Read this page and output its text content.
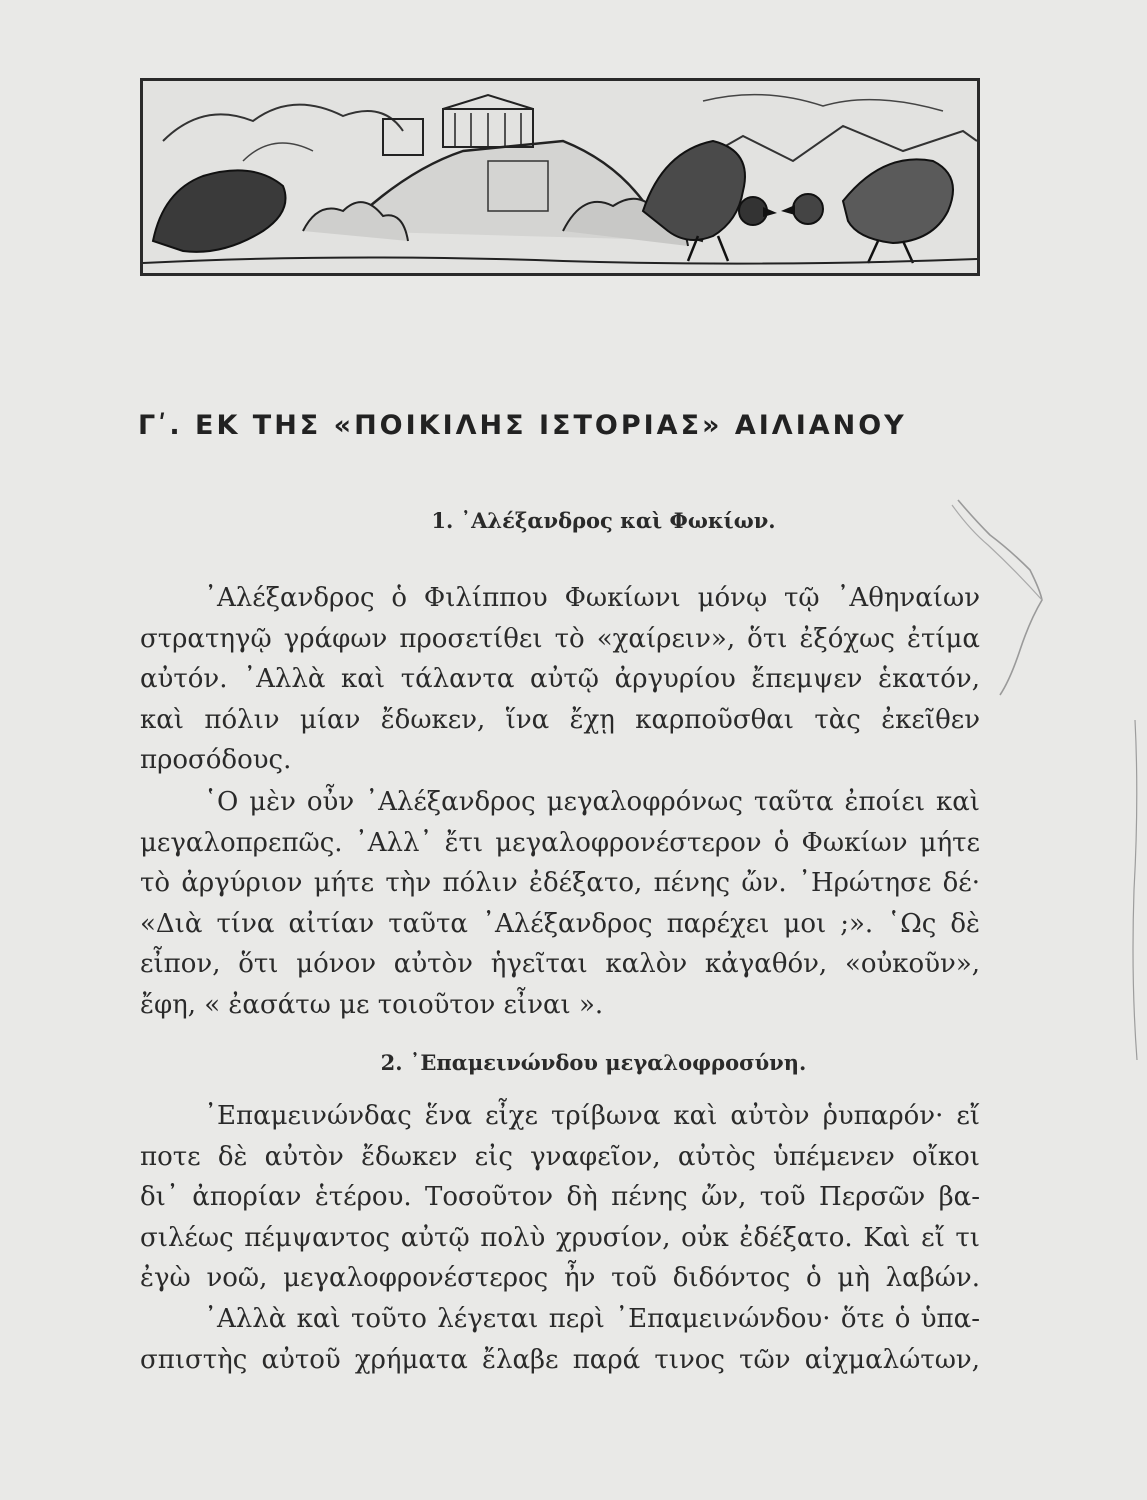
Γʹ. ΕΚ ΤΗΣ «ΠΟΙΚΙΛΗΣ ΙΣΤΟΡΙΑΣ» ΑΙΛΙΑΝΟΥ
1. ᾿Αλέξανδρος καὶ Φωκίων.
᾿Αλέξανδρος ὁ Φιλίππου Φωκίωνι μόνῳ τῷ ᾿Αθηναίων
στρατηγῷ γράφων προσετίθει τὸ «χαίρειν», ὅτι ἐξόχως ἐτίμα
αὐτόν. ᾿Αλλὰ καὶ τάλαντα αὐτῷ ἀργυρίου ἔπεμψεν ἑκατόν,
καὶ πόλιν μίαν ἔδωκεν, ἵνα ἔχῃ καρποῦσθαι τὰς ἐκεῖθεν
προσόδους.
῾Ο μὲν οὖν ᾿Αλέξανδρος μεγαλοφρόνως ταῦτα ἐποίει καὶ
μεγαλοπρεπῶς. ᾿Αλλ᾿ ἔτι μεγαλοφρονέστερον ὁ Φωκίων μήτε
τὸ ἀργύριον μήτε τὴν πόλιν ἐδέξατο, πένης ὤν. ᾿Ηρώτησε δέ·
«Διὰ τίνα αἰτίαν ταῦτα ᾿Αλέξανδρος παρέχει μοι ;». ῾Ως δὲ
εἶπον, ὅτι μόνον αὐτὸν ἡγεῖται καλὸν κἀγαθόν, «οὐκοῦν»,
ἔφη, « ἐασάτω με τοιοῦτον εἶναι ».
2. ᾿Επαμεινώνδου μεγαλοφροσύνη.
᾿Επαμεινώνδας ἕνα εἶχε τρίβωνα καὶ αὐτὸν ῥυπαρόν· εἴ
ποτε δὲ αὐτὸν ἔδωκεν εἰς γναφεῖον, αὐτὸς ὑπέμενεν οἴκοι
δι᾿ ἀπορίαν ἑτέρου. Τοσοῦτον δὴ πένης ὤν, τοῦ Περσῶν βα-
σιλέως πέμψαντος αὐτῷ πολὺ χρυσίον, οὐκ ἐδέξατο. Καὶ εἴ τι
ἐγὼ νοῶ, μεγαλοφρονέστερος ἦν τοῦ διδόντος ὁ μὴ λαβών.
᾿Αλλὰ καὶ τοῦτο λέγεται περὶ ᾿Επαμεινώνδου· ὅτε ὁ ὑπα-
σπιστὴς αὐτοῦ χρήματα ἔλαβε παρά τινος τῶν αἰχμαλώτων,
